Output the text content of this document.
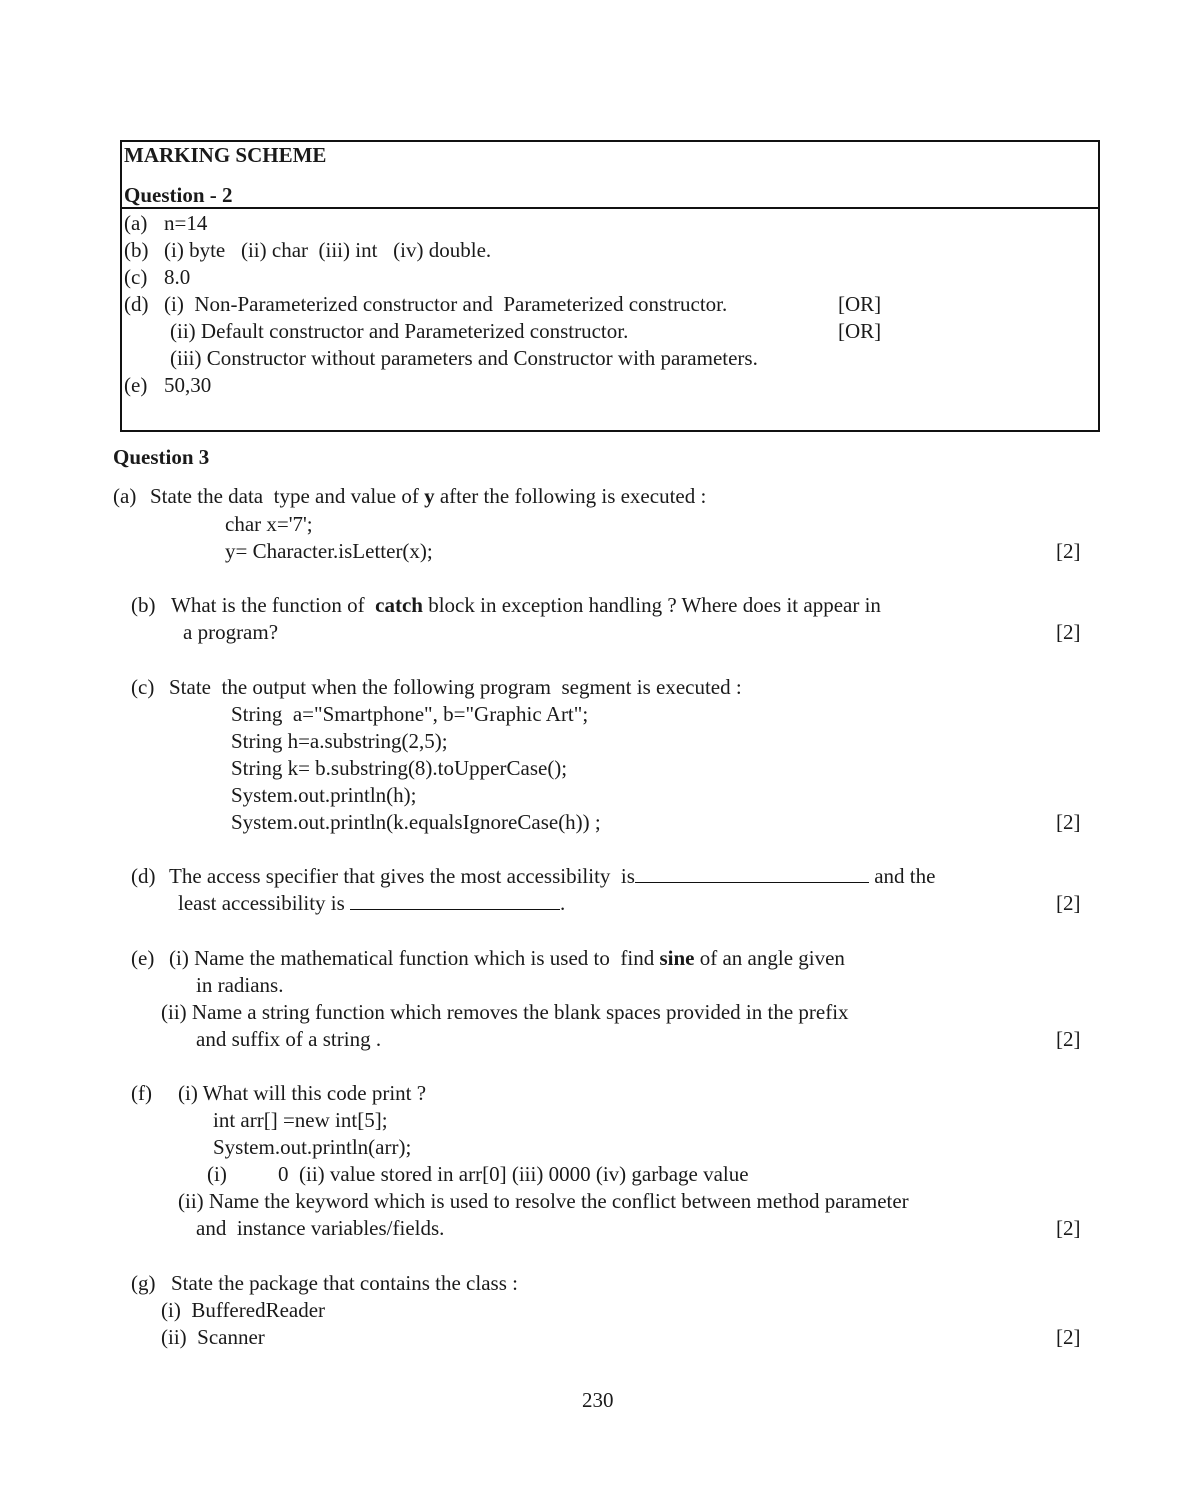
MARKING SCHEME
Question - 2
(a) n=14
(b) (i) byte   (ii) char  (iii) int   (iv) double.
(c) 8.0
(d) (i)  Non-Parameterized constructor and  Parameterized constructor.	[OR]
(ii) Default constructor and Parameterized constructor.	[OR]
(iii) Constructor without parameters and Constructor with parameters.
(e) 50,30
Question 3
(a) State the data  type and value of y after the following is executed :
char x='7';
y= Character.isLetter(x);	[2]
(b) What is the function of  catch block in exception handling ? Where does it appear in
a program?	[2]
(c) State  the output when the following program  segment is executed :
String  a="Smartphone", b="Graphic Art";
String h=a.substring(2,5);
String k= b.substring(8).toUpperCase();
System.out.println(h);
System.out.println(k.equalsIgnoreCase(h)) ;	[2]
(d) The access specifier that gives the most accessibility  is	and the
least accessibility is	.	[2]
(e) (i) Name the mathematical function which is used to  find sine of an angle given
in radians.
(ii) Name a string function which removes the blank spaces provided in the prefix
and suffix of a string .	[2]
(f) (i) What will this code print ?
int arr[] =new int[5];
System.out.println(arr);
(i) 0  (ii) value stored in arr[0] (iii) 0000 (iv) garbage value
(ii) Name the keyword which is used to resolve the conflict between method parameter
and  instance variables/fields.	[2]
(g) State the package that contains the class :
(i)  BufferedReader
(ii)  Scanner	[2]
230
